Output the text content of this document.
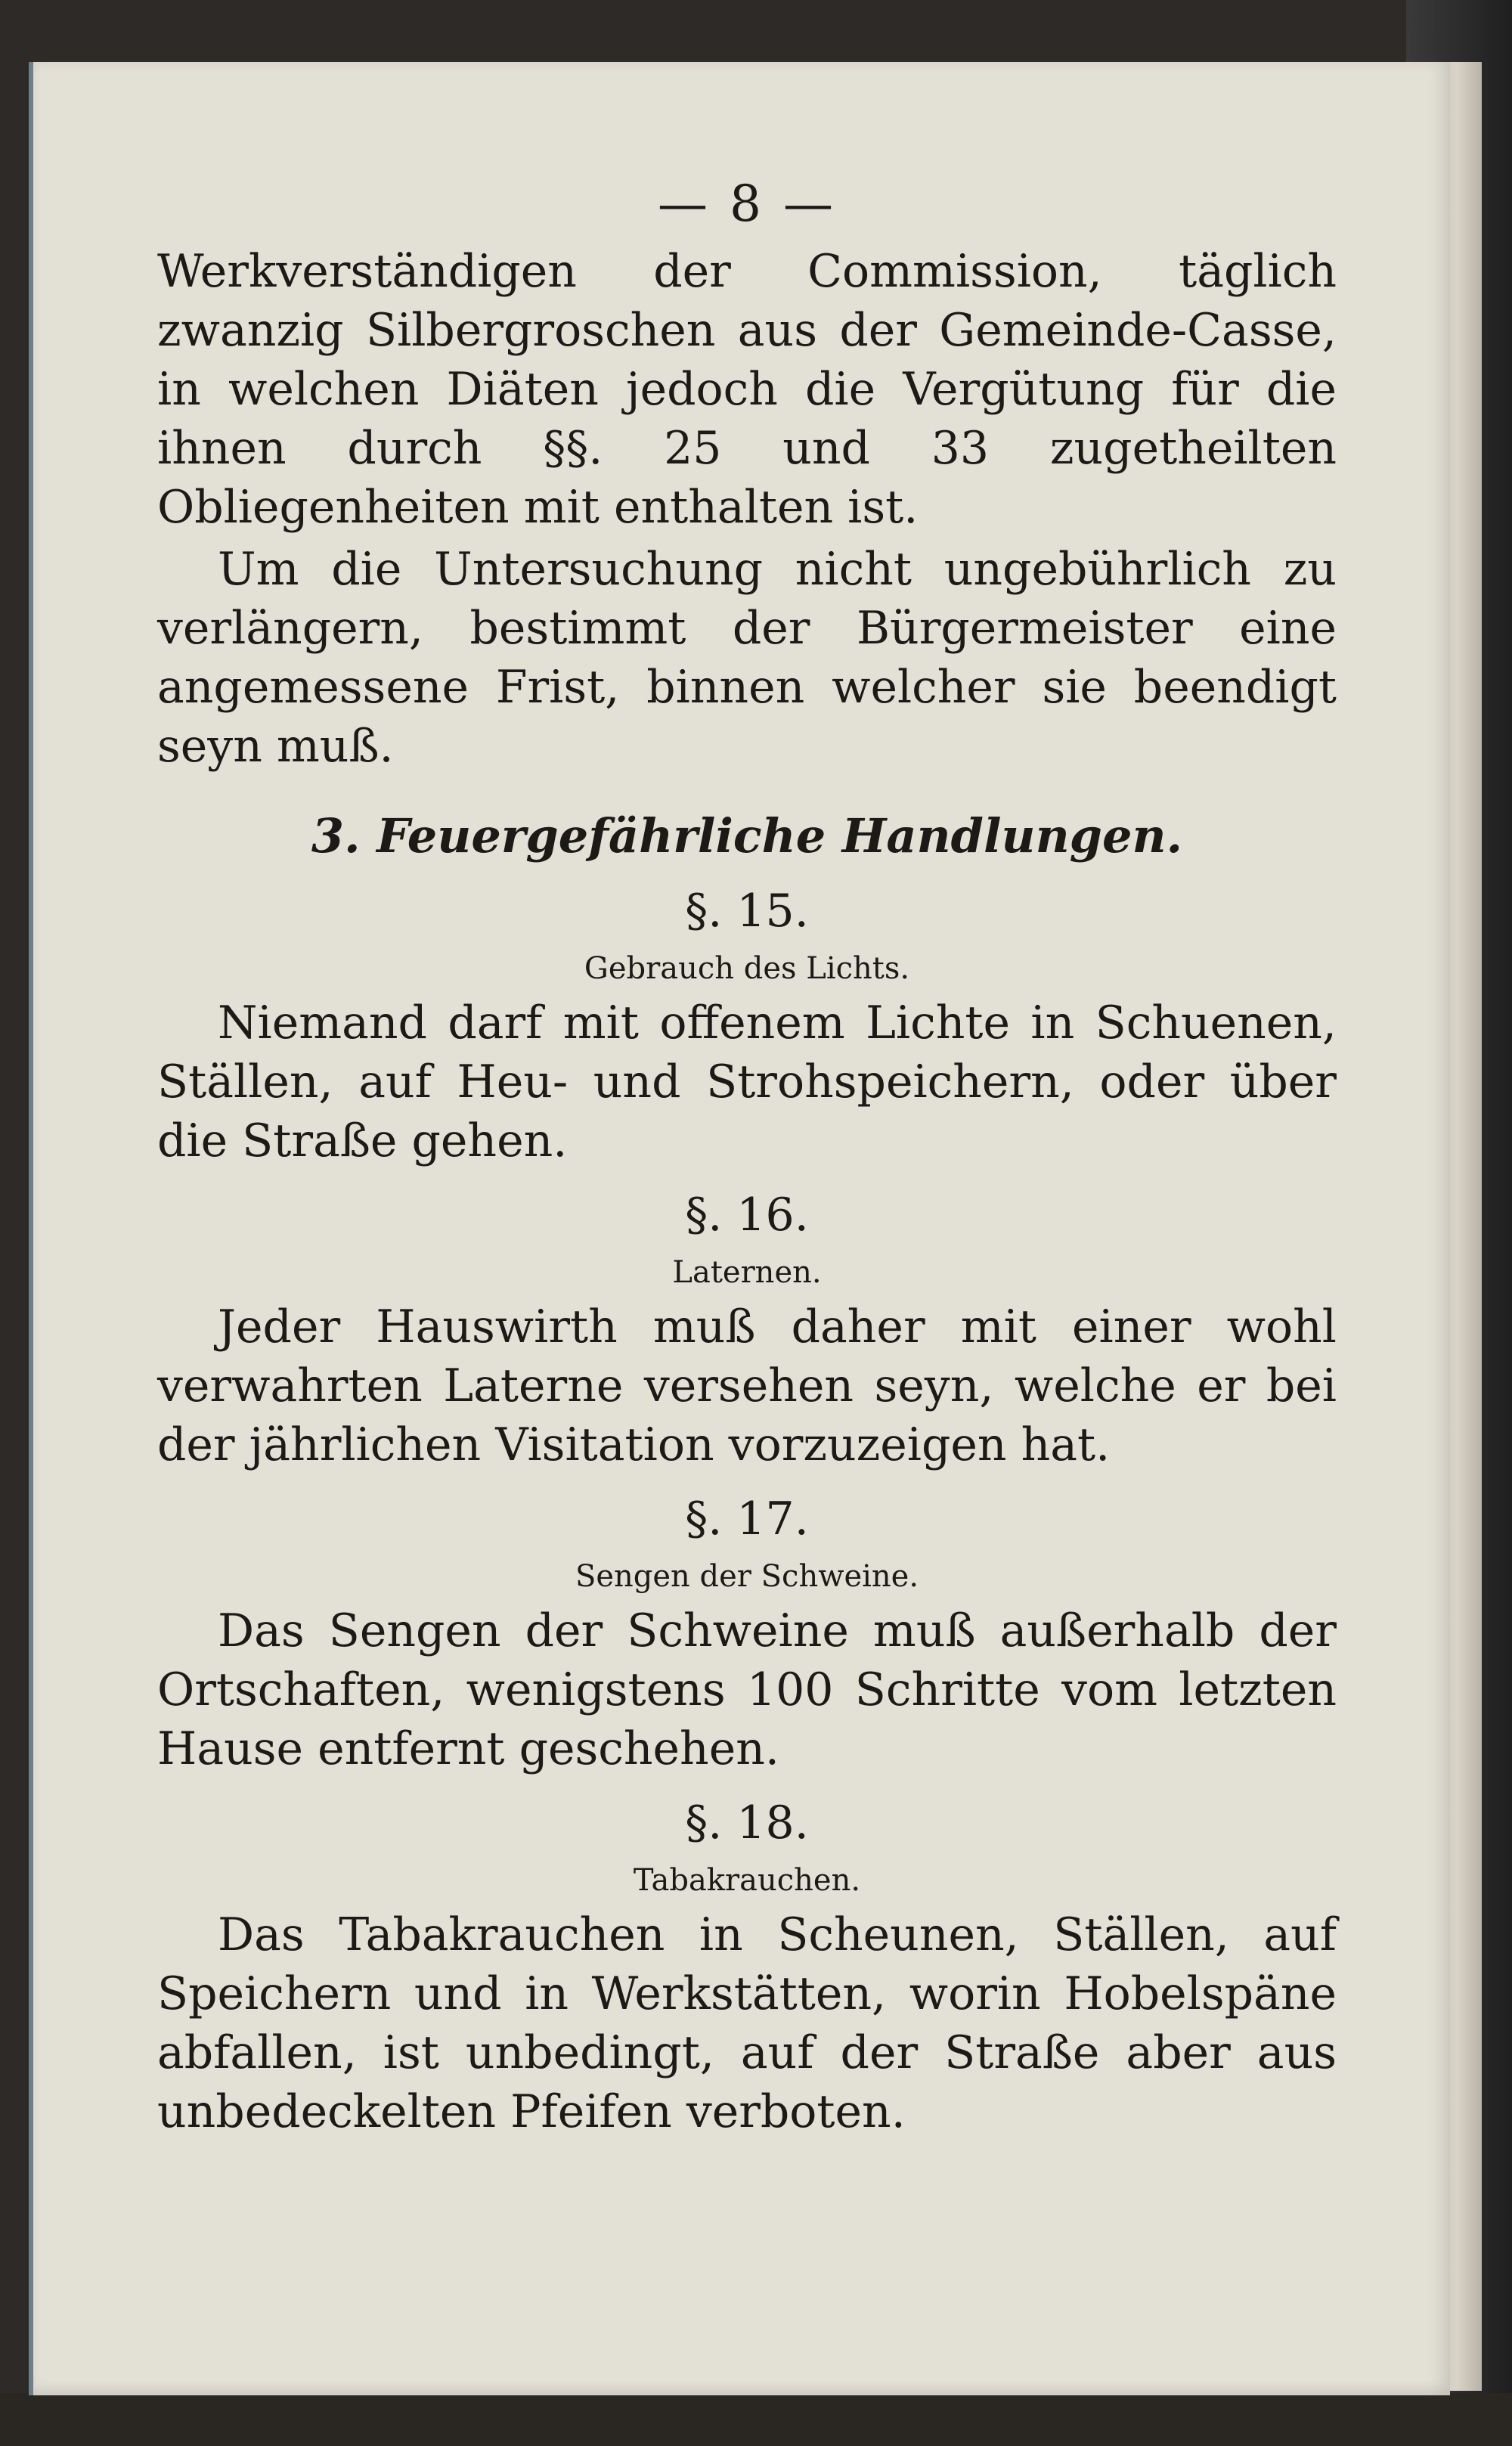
— 8 —

Werkverständigen der Commission, täglich zwanzig Silbergroschen aus der Gemeinde-Casse, in welchen Diäten jedoch die Vergütung für die ihnen durch §§. 25 und 33 zugetheilten Obliegenheiten mit enthalten ist.

Um die Untersuchung nicht ungebührlich zu verlängern, bestimmt der Bürgermeister eine angemessene Frist, binnen welcher sie beendigt seyn muß.

3. Feuergefährliche Handlungen.
§. 15.
Gebrauch des Lichts.

Niemand darf mit offenem Lichte in Schuenen, Ställen, auf Heu- und Strohspeichern, oder über die Straße gehen.

§. 16.
Laternen.

Jeder Hauswirth muß daher mit einer wohl verwahrten Laterne versehen seyn, welche er bei der jährlichen Visitation vorzuzeigen hat.

§. 17.
Sengen der Schweine.

Das Sengen der Schweine muß außerhalb der Ortschaften, wenigstens 100 Schritte vom letzten Hause entfernt geschehen.

§. 18.
Tabakrauchen.

Das Tabakrauchen in Scheunen, Ställen, auf Speichern und in Werkstätten, worin Hobelspäne abfallen, ist unbedingt, auf der Straße aber aus unbedeckelten Pfeifen verboten.
